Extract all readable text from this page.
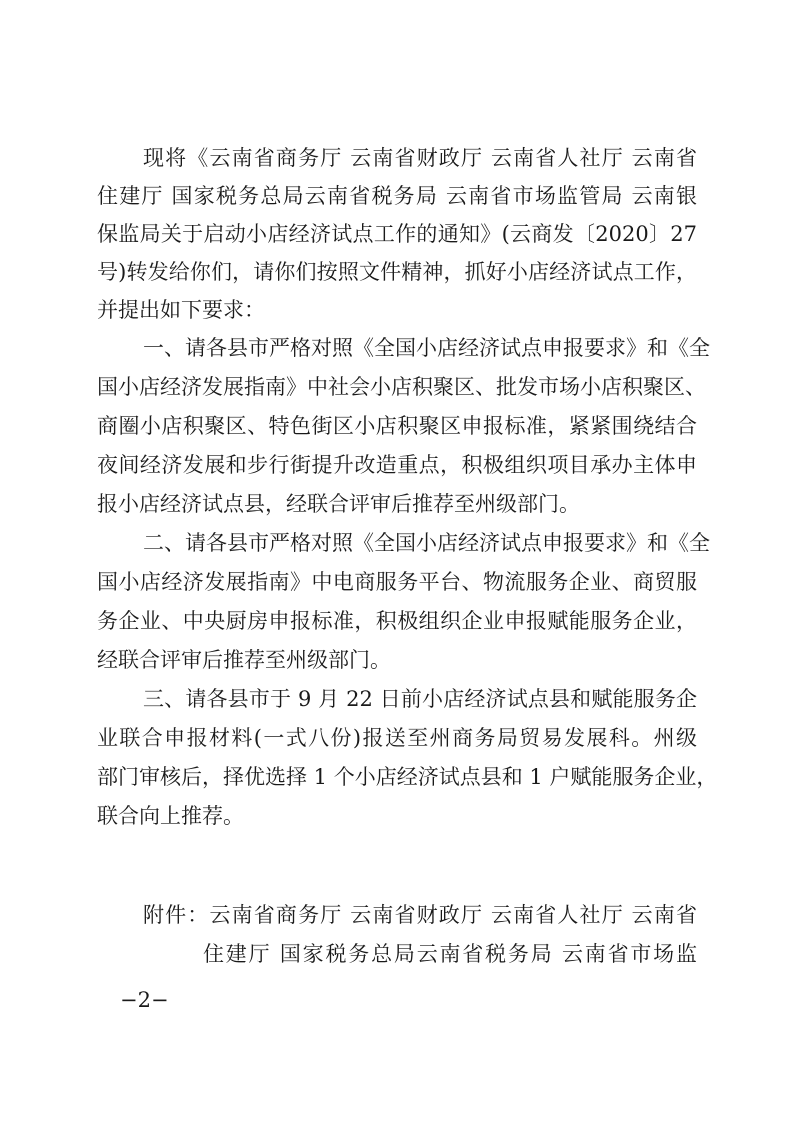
现将《云南省商务厅 云南省财政厅 云南省人社厅 云南省
住建厅 国家税务总局云南省税务局 云南省市场监管局 云南银
保监局关于启动小店经济试点工作的通知》(云商发〔2020〕27
号)转发给你们，请你们按照文件精神，抓好小店经济试点工作，
并提出如下要求：
一、请各县市严格对照《全国小店经济试点申报要求》和《全
国小店经济发展指南》中社会小店积聚区、批发市场小店积聚区、
商圈小店积聚区、特色街区小店积聚区申报标准，紧紧围绕结合
夜间经济发展和步行街提升改造重点，积极组织项目承办主体申
报小店经济试点县，经联合评审后推荐至州级部门。
二、请各县市严格对照《全国小店经济试点申报要求》和《全
国小店经济发展指南》中电商服务平台、物流服务企业、商贸服
务企业、中央厨房申报标准，积极组织企业申报赋能服务企业，
经联合评审后推荐至州级部门。
三、请各县市于 9 月 22 日前小店经济试点县和赋能服务企
业联合申报材料(一式八份)报送至州商务局贸易发展科。州级
部门审核后，择优选择 1 个小店经济试点县和 1 户赋能服务企业，
联合向上推荐。
附件：云南省商务厅 云南省财政厅 云南省人社厅 云南省
住建厅 国家税务总局云南省税务局 云南省市场监
−2−
